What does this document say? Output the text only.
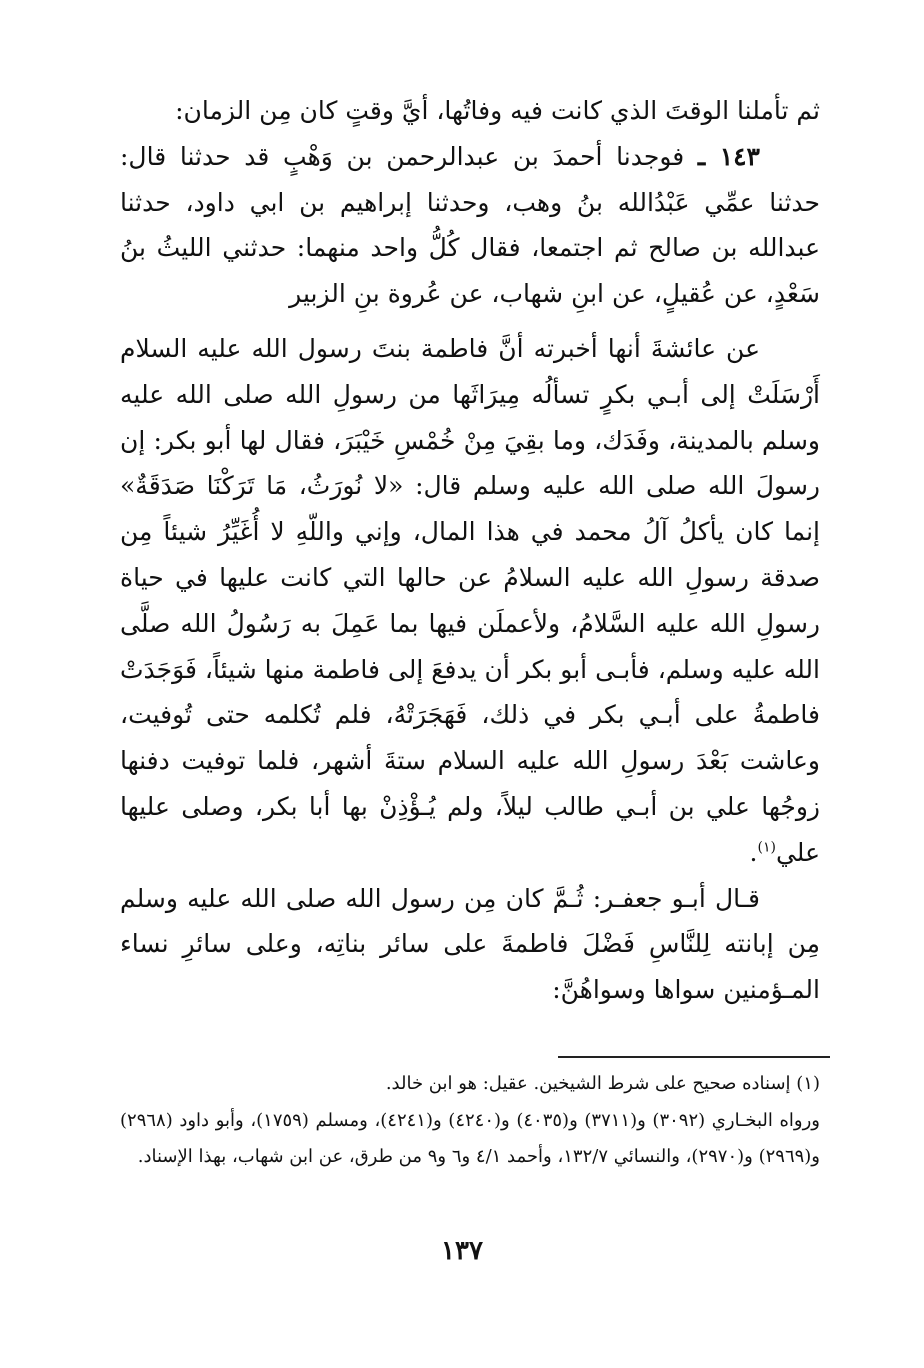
ثم تأملنا الوقتَ الذي كانت فيه وفاتُها، أيَّ وقتٍ كان مِن الزمان:

١٤٣ ـ فوجدنا أحمدَ بن عبدالرحمن بن وَهْبٍ قد حدثنا قال: حدثنا عمِّي عَبْدُالله بنُ وهب، وحدثنا إبراهيم بن ابي داود، حدثنا عبدالله بن صالح ثم اجتمعا، فقال كُلُّ واحد منهما: حدثني الليثُ بنُ سَعْدٍ، عن عُقيلٍ، عن ابنِ شهاب، عن عُروة بنِ الزبير

عن عائشةَ أنها أخبرته أنَّ فاطمة بنتَ رسول الله عليه السلام أَرْسَلَتْ إلى أبـي بكرٍ تسألُه مِيرَاثَها من رسولِ الله صلى الله عليه وسلم بالمدينة، وفَدَك، وما بقِيَ مِنْ خُمْسِ خَيْبَرَ، فقال لها أبو بكر: إن رسولَ الله صلى الله عليه وسلم قال: «لا نُورَثُ، مَا تَرَكْنَا صَدَقَةٌ» إنما كان يأكلُ آلُ محمد في هذا المال، وإني واللّهِ لا أُغَيِّرُ شيئاً مِن صدقة رسولِ الله عليه السلامُ عن حالها التي كانت عليها في حياة رسولِ الله عليه السَّلامُ، ولأعملَن فيها بما عَمِلَ به رَسُولُ الله صلَّى الله عليه وسلم، فأبـى أبو بكر أن يدفعَ إلى فاطمة منها شيئاً، فَوَجَدَتْ فاطمةُ على أبـي بكر في ذلك، فَهَجَرَتْهُ، فلم تُكلمه حتى تُوفيت، وعاشت بَعْدَ رسولِ الله عليه السلام ستةَ أشهر، فلما توفيت دفنها زوجُها علي بن أبـي طالب ليلاً، ولم يُـؤْذِنْ بها أبا بكر، وصلى عليها علي$^{(١)}$.

قـال أبـو جعفـر: ثُـمَّ كان مِن رسول الله صلى الله عليه وسلم مِن إبانته لِلنَّاسِ فَضْلَ فاطمةَ على سائر بناتِه، وعلى سائرِ نساء المـؤمنين سواها وسواهُنَّ:

(١) إسناده صحيح على شرط الشيخين. عقيل: هو ابن خالد.

ورواه البخـاري (٣٠٩٢) و(٣٧١١) و(٤٠٣٥) و(٤٢٤٠) و(٤٢٤١)، ومسلم (١٧٥٩)، وأبو داود (٢٩٦٨) و(٢٩٦٩) و(٢٩٧٠)، والنسائي ١٣٢/٧، وأحمد ٤/١ و٦ و٩ من طرق، عن ابن شهاب، بهذا الإسناد.

١٣٧
